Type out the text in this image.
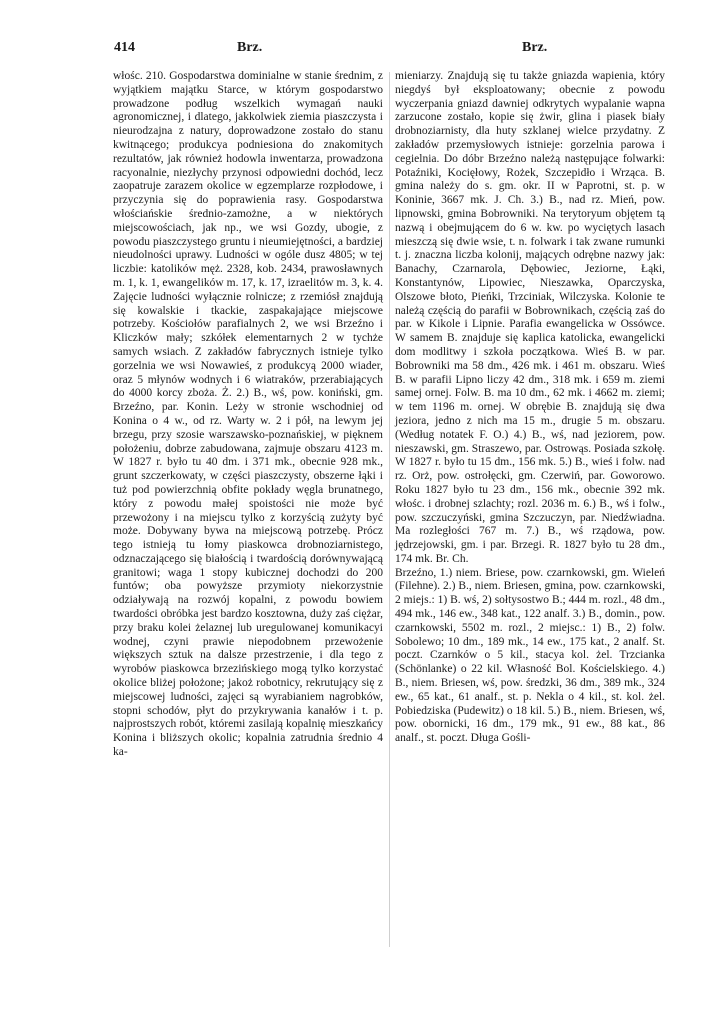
414	Brz.	Brz.

włośc. 210. Gospodarstwa dominialne w stanie średnim, z wyjątkiem majątku Starce, w którym gospodarstwo prowadzone podług wszelkich wymagań nauki agronomicznej, i dlatego, jakkolwiek ziemia piaszczysta i nieurodzajna z natury, doprowadzone zostało do stanu kwitnącego; produkcya podniesiona do znakomitych rezultatów, jak również hodowla inwentarza, prowadzona racyonalnie, niezłychy przynosi odpowiedni dochód, lecz zaopatruje zarazem okolice w egzemplarze rozpłodowe, i przyczynia się do poprawienia rasy. Gospodarstwa włościańskie średnio-zamożne, a w niektórych miejscowościach, jak np., we wsi Gozdy, ubogie, z powodu piaszczystego gruntu i nieumiejętności, a bardziej nieudolności uprawy. Ludności w ogóle dusz 4805; w tej liczbie: katolików męż. 2328, kob. 2434, prawosławnych m. 1, k. 1, ewangelików m. 17, k. 17, izraelitów m. 3, k. 4. Zajęcie ludności wyłącznie rolnicze; z rzemiósł znajdują się kowalskie i tkackie, zaspakajające miejscowe potrzeby. Kościołów parafialnych 2, we wsi Brzeźno i Kliczków mały; szkółek elementarnych 2 w tychże samych wsiach. Z zakładów fabrycznych istnieje tylko gorzelnia we wsi Nowawieś, z produkcyą 2000 wiader, oraz 5 młynów wodnych i 6 wiatraków, przerabiających do 4000 korcy zboża. Ż. 2.) B., wś, pow. koniński, gm. Brzeźno, par. Konin. Leży w stronie wschodniej od Konina o 4 w., od rz. Warty w. 2 i pół, na lewym jej brzegu, przy szosie warszawsko-poznańskiej, w pięknem położeniu, dobrze zabudowana, zajmuje obszaru 4123 m. W 1827 r. było tu 40 dm. i 371 mk., obecnie 928 mk., grunt szczerkowaty, w części piaszczysty, obszerne łąki i tuż pod powierzchnią obfite pokłady węgla brunatnego, który z powodu małej spoistości nie może być przewożony i na miejscu tylko z korzyścią zużyty być może. Dobywany bywa na miejscową potrzebę. Prócz tego istnieją tu łomy piaskowca drobnoziarnistego, odznaczającego się białością i twardością dorównywającą granitowi; waga 1 stopy kubicznej dochodzi do 200 funtów; oba powyższe przymioty niekorzystnie odziaływają na rozwój kopalni, z powodu bowiem twardości obróbka jest bardzo kosztowna, duży zaś ciężar, przy braku kolei żelaznej lub uregulowanej komunikacyi wodnej, czyni prawie niepodobnem przewożenie większych sztuk na dalsze przestrzenie, i dla tego z wyrobów piaskowca brzezińskiego mogą tylko korzystać okolice bliżej położone; jakoż robotnicy, rekrutujący się z miejscowej ludności, zajęci są wyrabianiem nagrobków, stopni schodów, płyt do przykrywania kanałów i t. p. najprostszych robót, któremi zasilają kopalnię mieszkańcy Konina i bliższych okolic; kopalnia zatrudnia średnio 4 ka-

mieniarzy. Znajdują się tu także gniazda wapienia, który niegdyś był eksploatowany; obecnie z powodu wyczerpania gniazd dawniej odkrytych wypalanie wapna zarzucone zostało, kopie się żwir, glina i piasek biały drobnoziarnisty, dla huty szklanej wielce przydatny. Z zakładów przemysłowych istnieje: gorzelnia parowa i cegielnia. Do dóbr Brzeźno należą następujące folwarki: Potaźniki, Kocięłowy, Rożek, Szczepidło i Wrząca. B. gmina należy do s. gm. okr. II w Paprotni, st. p. w Koninie, 3667 mk. J. Ch. 3.) B., nad rz. Mień, pow. lipnowski, gmina Bobrowniki. Na terytoryum objętem tą nazwą i obejmującem do 6 w. kw. po wyciętych lasach mieszczą się dwie wsie, t. n. folwark i tak zwane rumunki t. j. znaczna liczba kolonij, mających odrębne nazwy jak: Banachy, Czarnarola, Dębowiec, Jeziorne, Łąki, Konstantynów, Lipowiec, Nieszawka, Oparczyska, Olszowe błoto, Pieńki, Trzciniak, Wilczyska. Kolonie te należą częścią do parafii w Bobrownikach, częścią zaś do par. w Kikole i Lipnie. Parafia ewangelicka w Ossówce. W samem B. znajduje się kaplica katolicka, ewangelicki dom modlitwy i szkoła początkowa. Wieś B. w par. Bobrowniki ma 58 dm., 426 mk. i 461 m. obszaru. Wieś B. w parafii Lipno liczy 42 dm., 318 mk. i 659 m. ziemi samej ornej. Folw. B. ma 10 dm., 62 mk. i 4662 m. ziemi; w tem 1196 m. ornej. W obrębie B. znajdują się dwa jeziora, jedno z nich ma 15 m., drugie 5 m. obszaru. (Według notatek F. O.) 4.) B., wś, nad jeziorem, pow. nieszawski, gm. Straszewo, par. Ostrowąs. Posiada szkołę. W 1827 r. było tu 15 dm., 156 mk. 5.) B., wieś i folw. nad rz. Orż, pow. ostrołęcki, gm. Czerwiń, par. Goworowo. Roku 1827 było tu 23 dm., 156 mk., obecnie 392 mk. włośc. i drobnej szlachty; rozl. 2036 m. 6.) B., wś i folw., pow. szczuczyński, gmina Szczuczyn, par. Niedźwiadna. Ma rozległości 767 m. 7.) B., wś rządowa, pow. jędrzejowski, gm. i par. Brzegi. R. 1827 było tu 28 dm., 174 mk. Br. Ch.

Brzeźno, 1.) niem. Briese, pow. czarnkowski, gm. Wieleń (Filehne). 2.) B., niem. Briesen, gmina, pow. czarnkowski, 2 miejs.: 1) B. wś, 2) sołtysostwo B.; 444 m. rozl., 48 dm., 494 mk., 146 ew., 348 kat., 122 analf. 3.) B., domin., pow. czarnkowski, 5502 m. rozl., 2 miejsc.: 1) B., 2) folw. Sobolewo; 10 dm., 189 mk., 14 ew., 175 kat., 2 analf. St. poczt. Czarnków o 5 kil., stacya kol. żel. Trzcianka (Schönlanke) o 22 kil. Własność Bol. Kościelskiego. 4.) B., niem. Briesen, wś, pow. średzki, 36 dm., 389 mk., 324 ew., 65 kat., 61 analf., st. p. Nekla o 4 kil., st. kol. żel. Pobiedziska (Pudewitz) o 18 kil. 5.) B., niem. Briesen, wś, pow. obornicki, 16 dm., 179 mk., 91 ew., 88 kat., 86 analf., st. poczt. Długa Gośli-
